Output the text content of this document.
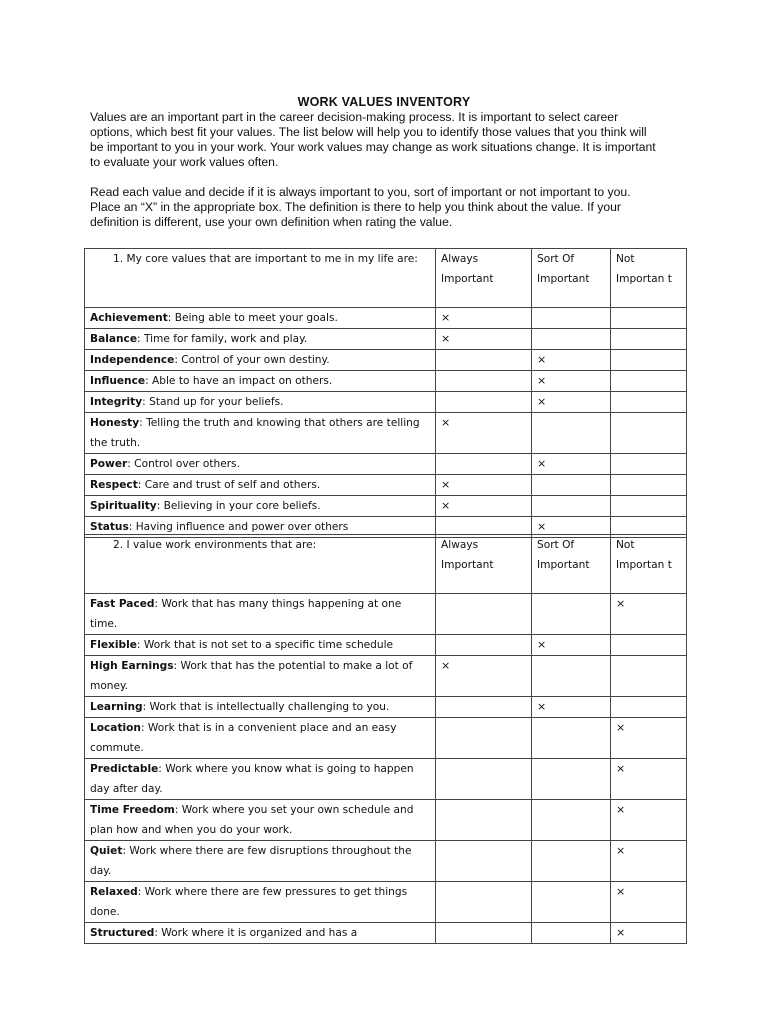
WORK VALUES INVENTORY
Values are an important part in the career decision-making process. It is important to select career
options, which best fit your values. The list below will help you to identify those values that you think will
be important to you in your work. Your work values may change as work situations change. It is important
to evaluate your work values often.
Read each value and decide if it is always important to you, sort of important or not important to you.
Place an “X” in the appropriate box. The definition is there to help you think about the value. If your
definition is different, use your own definition when rating the value.
1. My core values that are important to me in my life are:	Always Important	Sort Of Important	Not Importan t
Achievement: Being able to meet your goals.	×		
Balance: Time for family, work and play.	×		
Independence: Control of your own destiny.		×	
Influence: Able to have an impact on others.		×	
Integrity: Stand up for your beliefs.		×	
Honesty: Telling the truth and knowing that others are telling the truth.	×		
Power: Control over others.		×	
Respect: Care and trust of self and others.	×		
Spirituality: Believing in your core beliefs.	×		
Status: Having influence and power over others		×	
2. I value work environments that are:	Always Important	Sort Of Important	Not Importan t
Fast Paced: Work that has many things happening at one time.			×
Flexible: Work that is not set to a specific time schedule		×	
High Earnings: Work that has the potential to make a lot of money.	×		
Learning: Work that is intellectually challenging to you.		×	
Location: Work that is in a convenient place and an easy commute.			×
Predictable: Work where you know what is going to happen day after day.			×
Time Freedom: Work where you set your own schedule and plan how and when you do your work.			×
Quiet: Work where there are few disruptions throughout the day.			×
Relaxed: Work where there are few pressures to get things done.			×
Structured: Work where it is organized and has a			×
